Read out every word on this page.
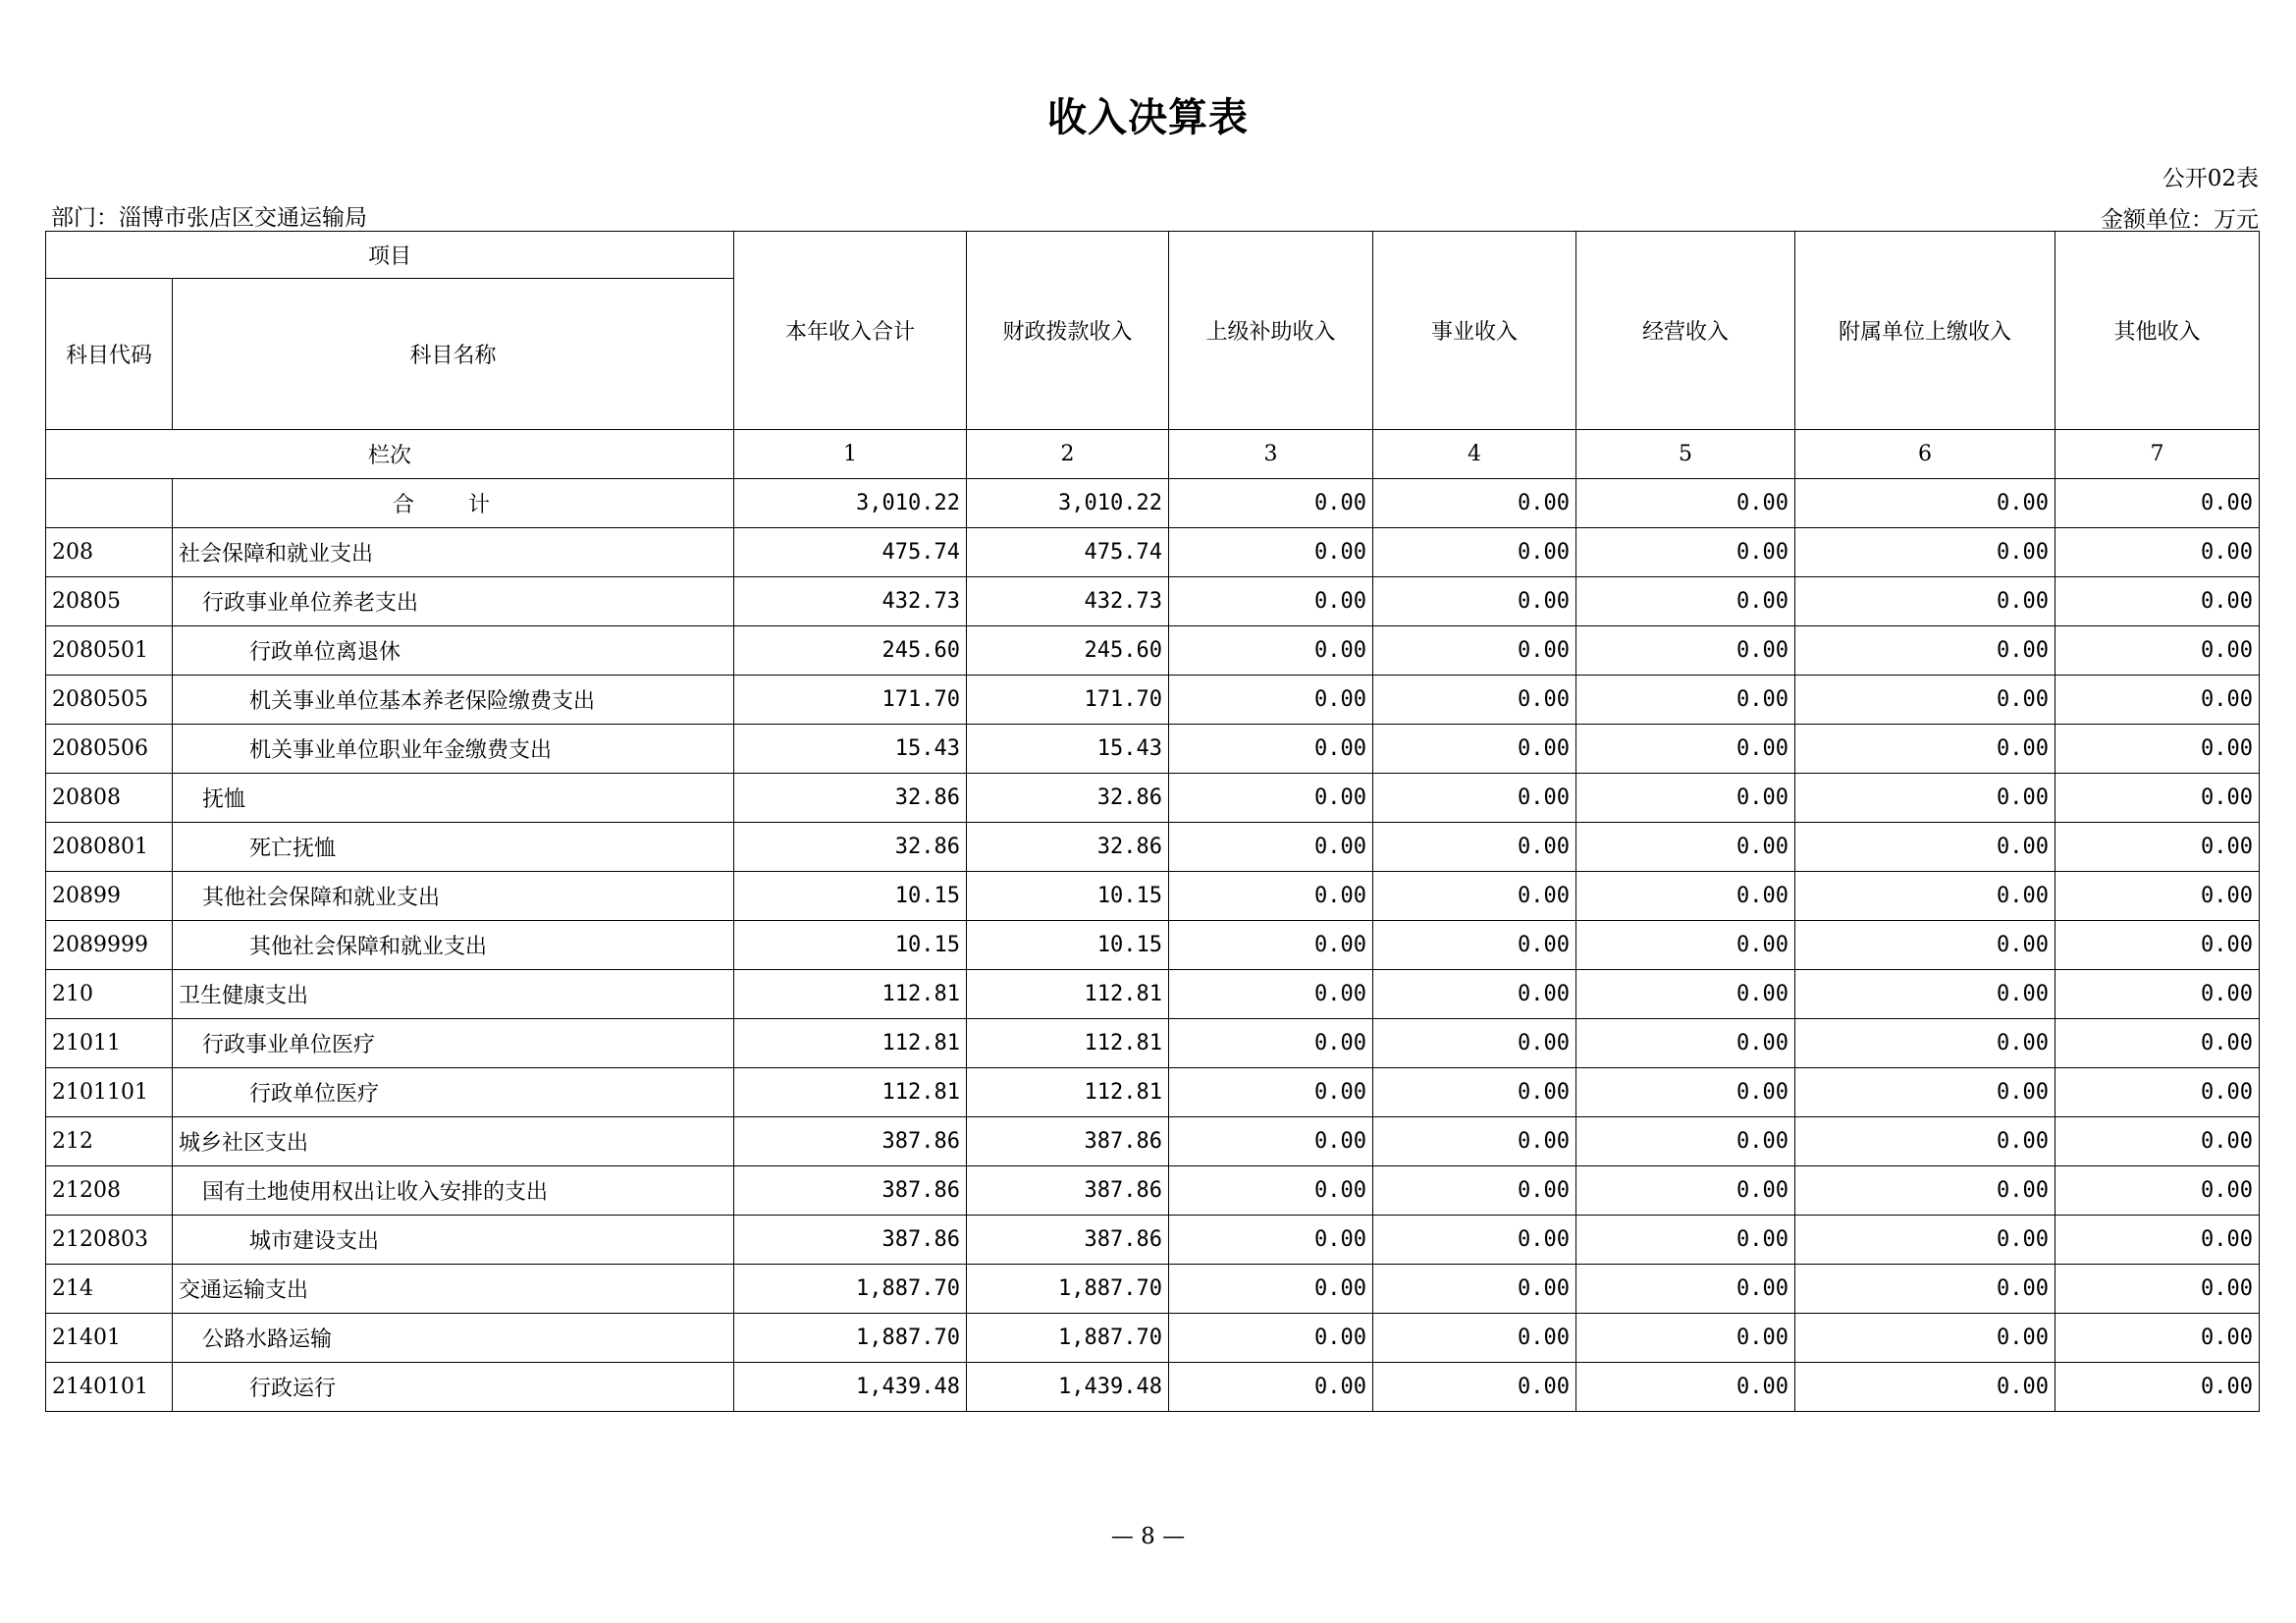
收入决算表
公开02表
部门：淄博市张店区交通运输局	金额单位：万元
项目		本年收入合计	财政拨款收入	上级补助收入	事业收入	经营收入	附属单位上缴收入	其他收入
科目代码	科目名称							
栏次		1	2	3	4	5	6	7
	合 计	3,010.22	3,010.22	0.00	0.00	0.00	0.00	0.00
208	社会保障和就业支出	475.74	475.74	0.00	0.00	0.00	0.00	0.00
20805	行政事业单位养老支出	432.73	432.73	0.00	0.00	0.00	0.00	0.00
2080501	行政单位离退休	245.60	245.60	0.00	0.00	0.00	0.00	0.00
2080505	机关事业单位基本养老保险缴费支出	171.70	171.70	0.00	0.00	0.00	0.00	0.00
2080506	机关事业单位职业年金缴费支出	15.43	15.43	0.00	0.00	0.00	0.00	0.00
20808	抚恤	32.86	32.86	0.00	0.00	0.00	0.00	0.00
2080801	死亡抚恤	32.86	32.86	0.00	0.00	0.00	0.00	0.00
20899	其他社会保障和就业支出	10.15	10.15	0.00	0.00	0.00	0.00	0.00
2089999	其他社会保障和就业支出	10.15	10.15	0.00	0.00	0.00	0.00	0.00
210	卫生健康支出	112.81	112.81	0.00	0.00	0.00	0.00	0.00
21011	行政事业单位医疗	112.81	112.81	0.00	0.00	0.00	0.00	0.00
2101101	行政单位医疗	112.81	112.81	0.00	0.00	0.00	0.00	0.00
212	城乡社区支出	387.86	387.86	0.00	0.00	0.00	0.00	0.00
21208	国有土地使用权出让收入安排的支出	387.86	387.86	0.00	0.00	0.00	0.00	0.00
2120803	城市建设支出	387.86	387.86	0.00	0.00	0.00	0.00	0.00
214	交通运输支出	1,887.70	1,887.70	0.00	0.00	0.00	0.00	0.00
21401	公路水路运输	1,887.70	1,887.70	0.00	0.00	0.00	0.00	0.00
2140101	行政运行	1,439.48	1,439.48	0.00	0.00	0.00	0.00	0.00
— 8 —
